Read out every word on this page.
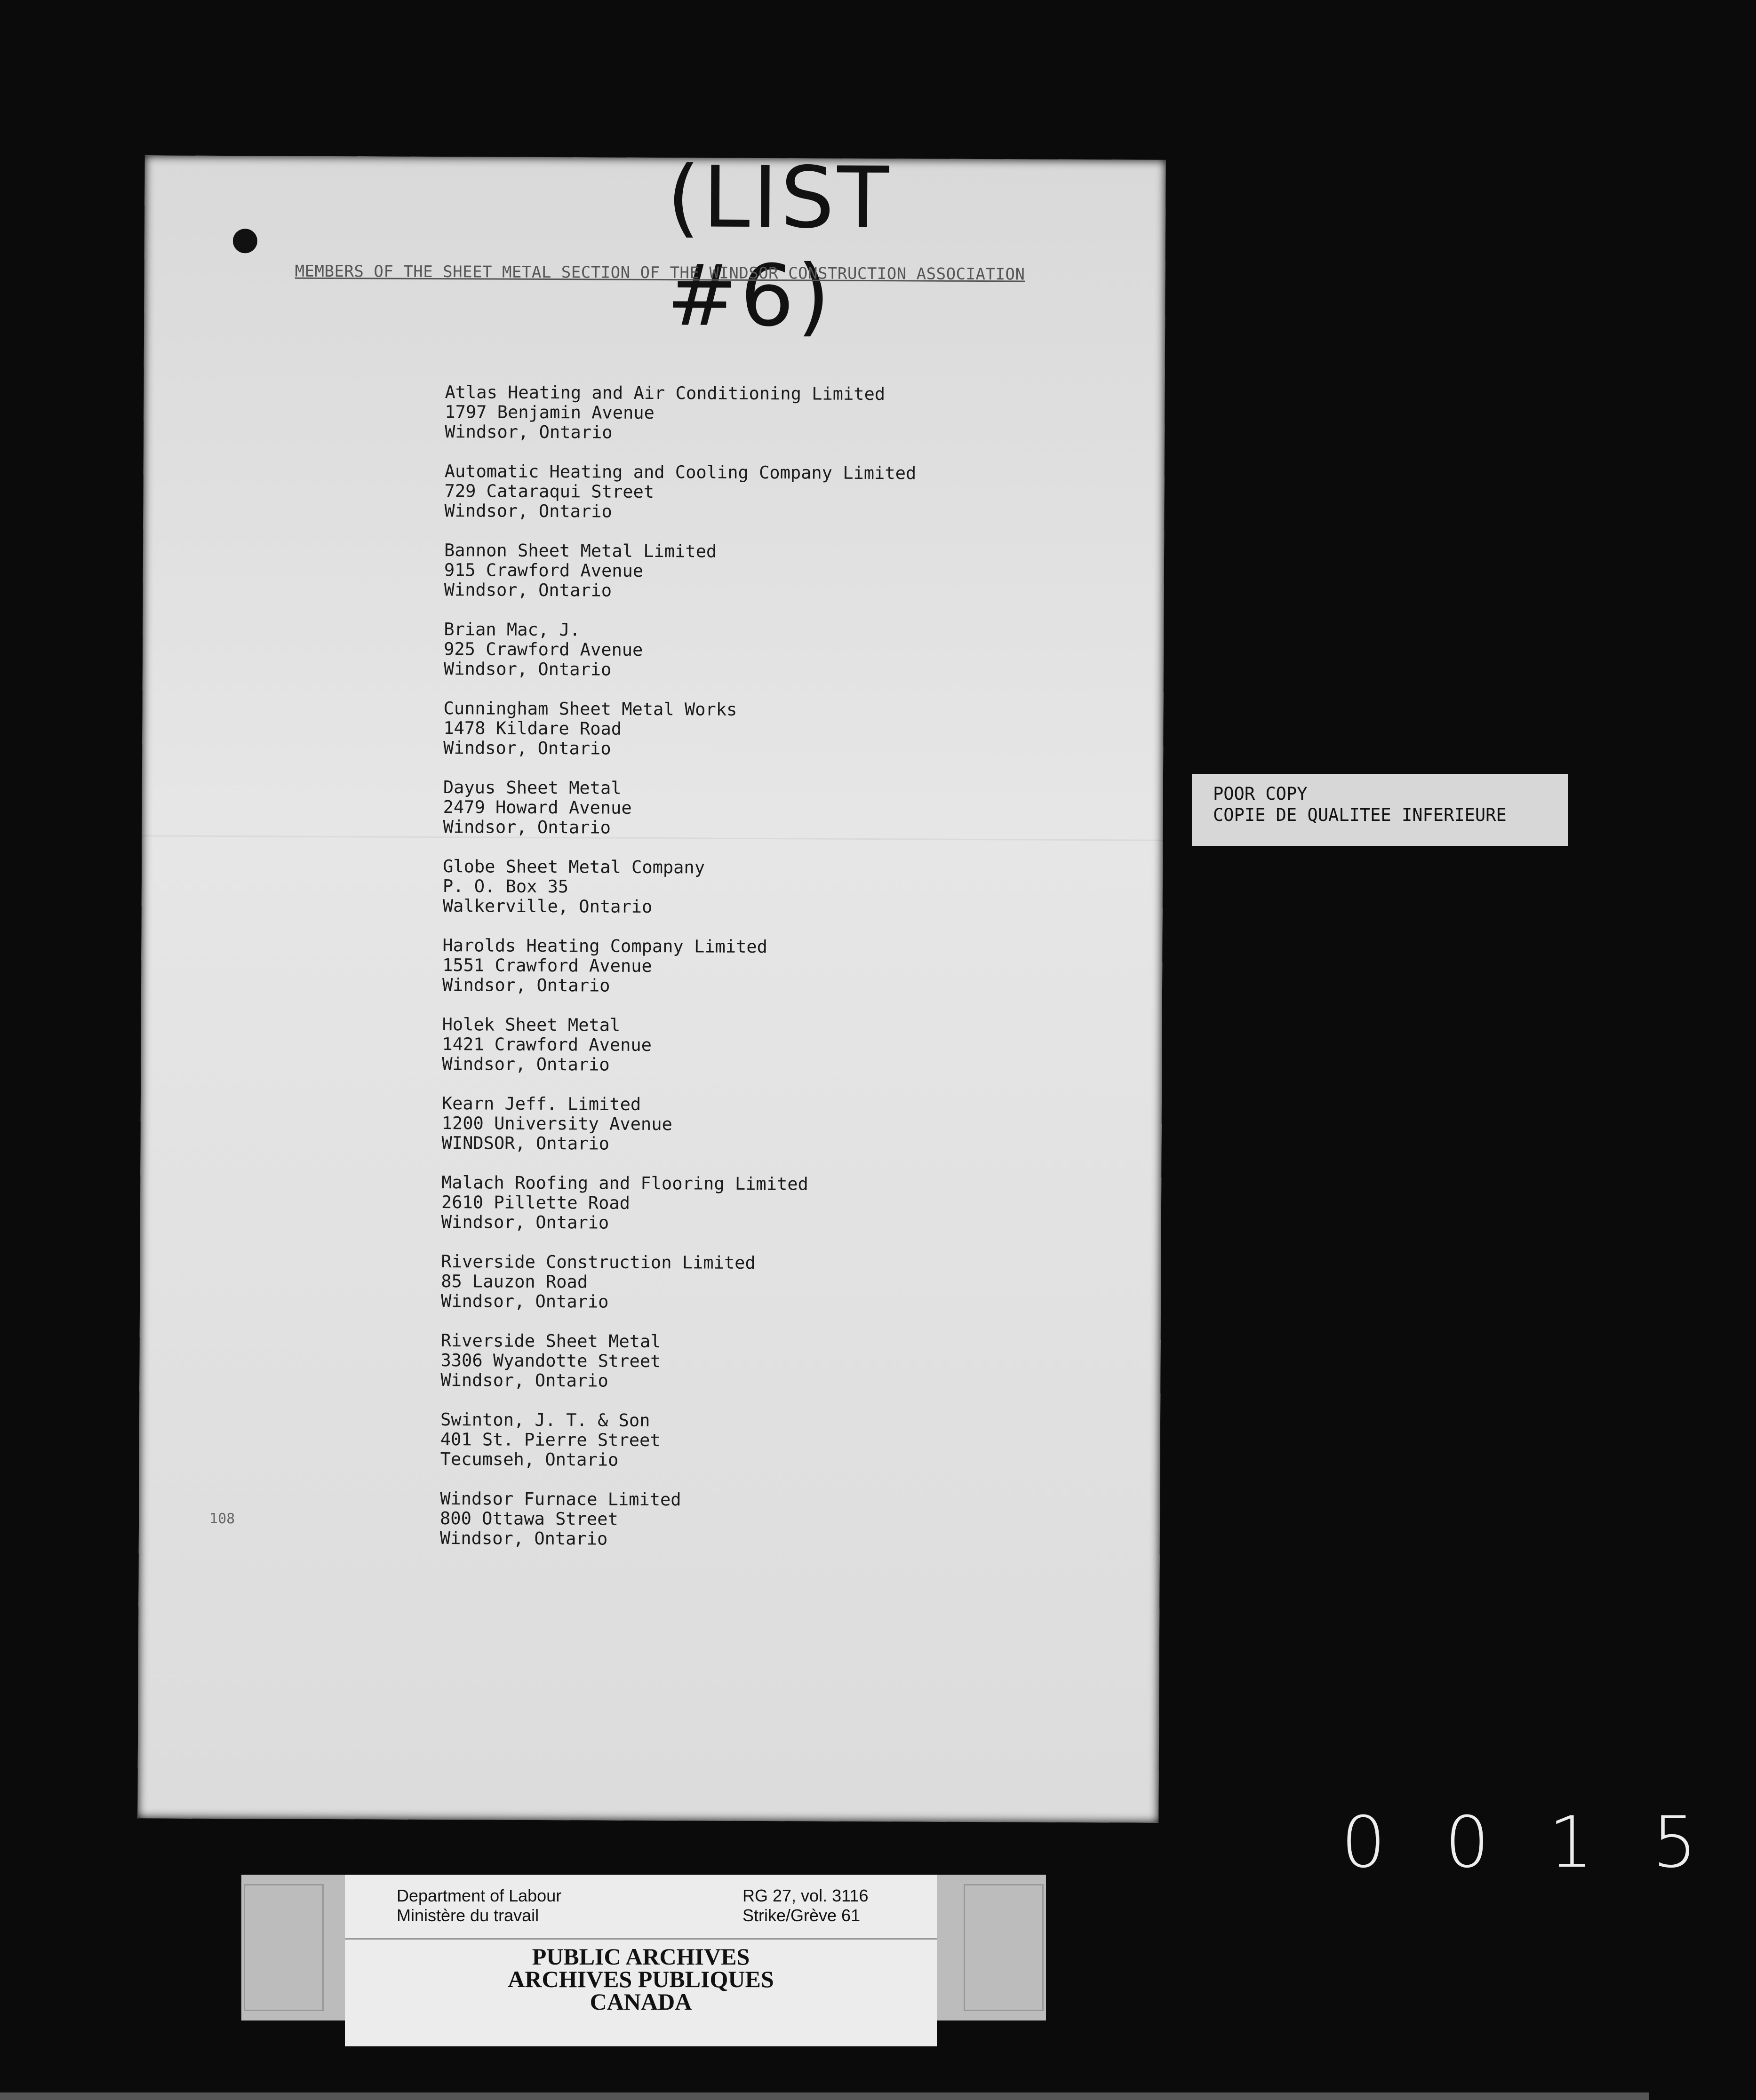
(LIST #6)
MEMBERS OF THE SHEET METAL SECTION OF THE WINDSOR CONSTRUCTION ASSOCIATION
Atlas Heating and Air Conditioning Limited
1797 Benjamin Avenue
Windsor, Ontario
Automatic Heating and Cooling Company Limited
729 Cataraqui Street
Windsor, Ontario
Bannon Sheet Metal Limited
915 Crawford Avenue
Windsor, Ontario
Brian Mac, J.
925 Crawford Avenue
Windsor, Ontario
Cunningham Sheet Metal Works
1478 Kildare Road
Windsor, Ontario
Dayus Sheet Metal
2479 Howard Avenue
Windsor, Ontario
Globe Sheet Metal Company
P. O. Box 35
Walkerville, Ontario
Harolds Heating Company Limited
1551 Crawford Avenue
Windsor, Ontario
Holek Sheet Metal
1421 Crawford Avenue
Windsor, Ontario
Kearn Jeff. Limited
1200 University Avenue
WINDSOR, Ontario
Malach Roofing and Flooring Limited
2610 Pillette Road
Windsor, Ontario
Riverside Construction Limited
85 Lauzon Road
Windsor, Ontario
Riverside Sheet Metal
3306 Wyandotte Street
Windsor, Ontario
Swinton, J. T. & Son
401 St. Pierre Street
Tecumseh, Ontario
Windsor Furnace Limited
800 Ottawa Street
Windsor, Ontario
108
POOR COPY
COPIE DE QUALITEE INFERIEURE
0015
Department of Labour
Ministère du travail
RG 27, vol. 3116
Strike/Grève 61
PUBLIC ARCHIVES
ARCHIVES PUBLIQUES
CANADA
